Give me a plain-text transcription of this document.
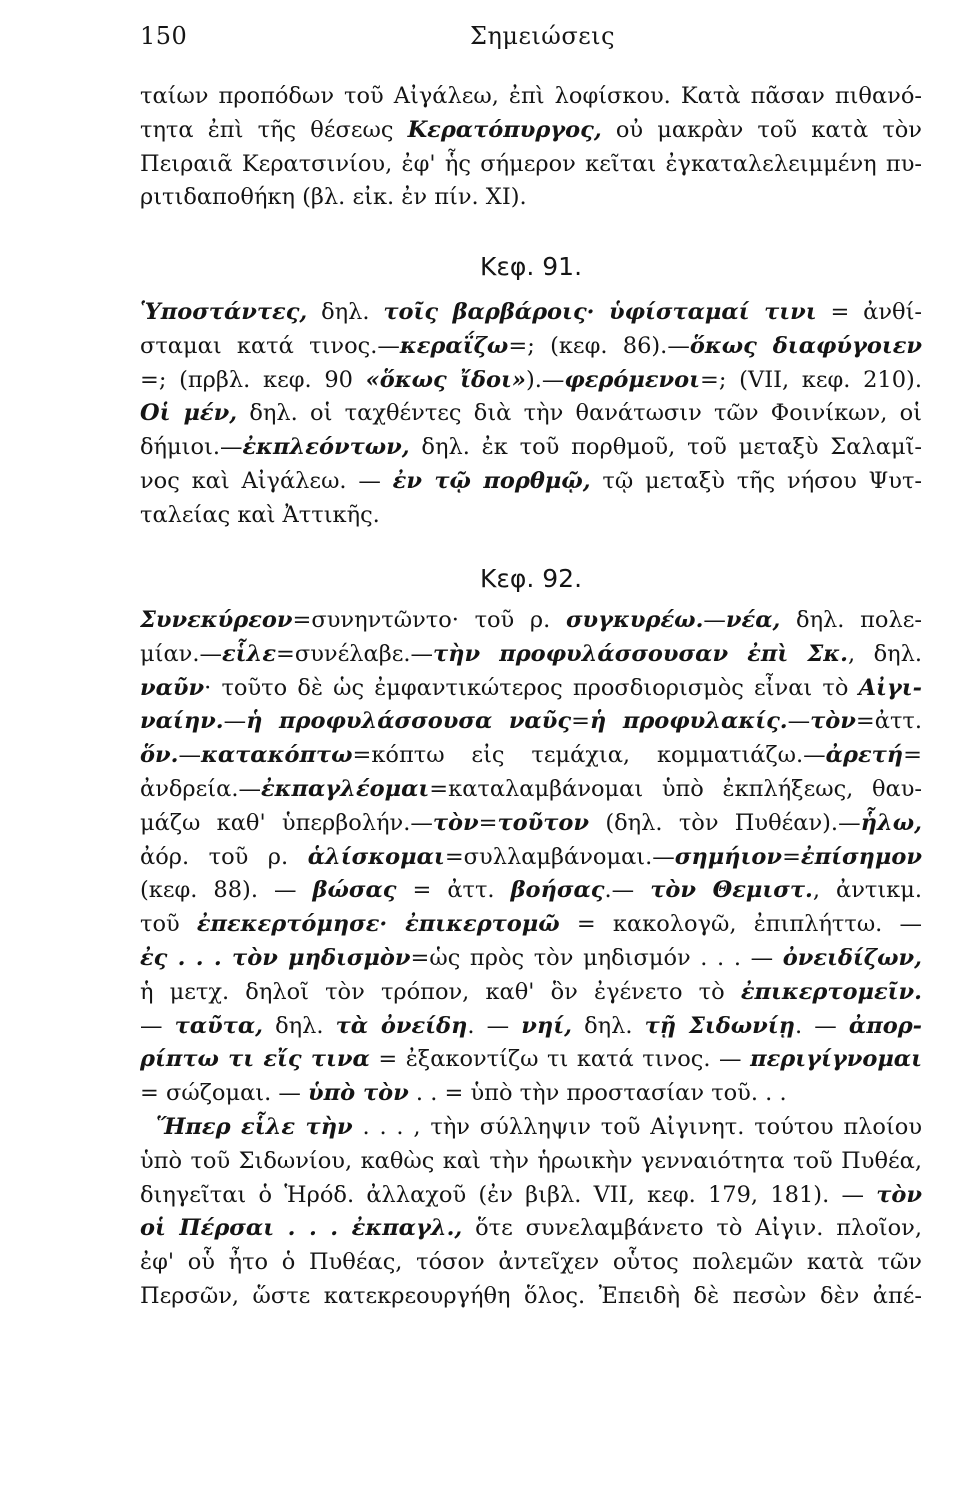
150	Σημειώσεις
ταίων προπόδων τοῦ Αἰγάλεω, ἐπὶ λοφίσκου. Κατὰ πᾶσαν πιθανό-
τητα ἐπὶ τῆς θέσεως Κερατόπυργος, οὐ μακρὰν τοῦ κατὰ τὸν
Πειραιᾶ Κερατσινίου, ἐφ' ἧς σήμερον κεῖται ἐγκαταλελειμμένη πυ-
ριτιδαποθήκη (βλ. εἰκ. ἐν πίν. ΧΙ).
Κεφ. 91.
Ὑποστάντες, δηλ. τοῖς βαρβάροις· ὑφίσταμαί τινι = ἀνθί-
σταμαι κατά τινος.—κεραΐζω=; (κεφ. 86).—ὅκως διαφύγοιεν
=; (πρβλ. κεφ. 90 «ὅκως ἴδοι»).—φερόμενοι=; (VII, κεφ. 210).
Οἱ μέν, δηλ. οἱ ταχθέντες διὰ τὴν θανάτωσιν τῶν Φοινίκων, οἱ
δήμιοι.—ἐκπλεόντων, δηλ. ἐκ τοῦ πορθμοῦ, τοῦ μεταξὺ Σαλαμῖ-
νος καὶ Αἰγάλεω. — ἐν τῷ πορθμῷ, τῷ μεταξὺ τῆς νήσου Ψυτ-
ταλείας καὶ Ἀττικῆς.
Κεφ. 92.
Συνεκύρεον=συνηντῶντο· τοῦ ρ. συγκυρέω.—νέα, δηλ. πολε-
μίαν.—εἷλε=συνέλαβε.—τὴν προφυλάσσουσαν ἐπὶ Σκ., δηλ.
ναῦν· τοῦτο δὲ ὡς ἐμφαντικώτερος προσδιορισμὸς εἶναι τὸ Αἰγι-
ναίην.—ἡ προφυλάσσουσα ναῦς=ἡ προφυλακίς.—τὸν=ἀττ.
ὅν.—κατακόπτω=κόπτω εἰς τεμάχια, κομματιάζω.—ἀρετή=
ἀνδρεία.—ἐκπαγλέομαι=καταλαμβάνομαι ὑπὸ ἐκπλήξεως, θαυ-
μάζω καθ' ὑπερβολήν.—τὸν=τοῦτον (δηλ. τὸν Πυθέαν).—ἧλω,
ἀόρ. τοῦ ρ. ἁλίσκομαι=συλλαμβάνομαι.—σημήιον=ἐπίσημον
(κεφ. 88). — βώσας = ἀττ. βοήσας.— τὸν Θεμιστ., ἀντικμ.
τοῦ ἐπεκερτόμησε· ἐπικερτομῶ = κακολογῶ, ἐπιπλήττω. —
ἐς . . . τὸν μηδισμὸν=ὡς πρὸς τὸν μηδισμόν . . . — ὀνειδίζων,
ἡ μετχ. δηλοῖ τὸν τρόπον, καθ' ὃν ἐγένετο τὸ ἐπικερτομεῖν.
— ταῦτα, δηλ. τὰ ὀνείδη. — νηί, δηλ. τῇ Σιδωνίῃ. — ἀπορ-
ρίπτω τι εἴς τινα = ἐξακοντίζω τι κατά τινος. — περιγίγνομαι
= σώζομαι. — ὑπὸ τὸν . . = ὑπὸ τὴν προστασίαν τοῦ. . .
Ἥπερ εἷλε τὴν . . . , τὴν σύλληψιν τοῦ Αἰγινητ. τούτου πλοίου
ὑπὸ τοῦ Σιδωνίου, καθὼς καὶ τὴν ἡρωικὴν γενναιότητα τοῦ Πυθέα,
διηγεῖται ὁ Ἡρόδ. ἀλλαχοῦ (ἐν βιβλ. VII, κεφ. 179, 181). — τὸν
οἱ Πέρσαι . . . ἐκπαγλ., ὅτε συνελαμβάνετο τὸ Αἰγιν. πλοῖον,
ἐφ' οὗ ἦτο ὁ Πυθέας, τόσον ἀντεῖχεν οὗτος πολεμῶν κατὰ τῶν
Περσῶν, ὥστε κατεκρεουργήθη ὅλος. Ἐπειδὴ δὲ πεσὼν δὲν ἀπέ-
